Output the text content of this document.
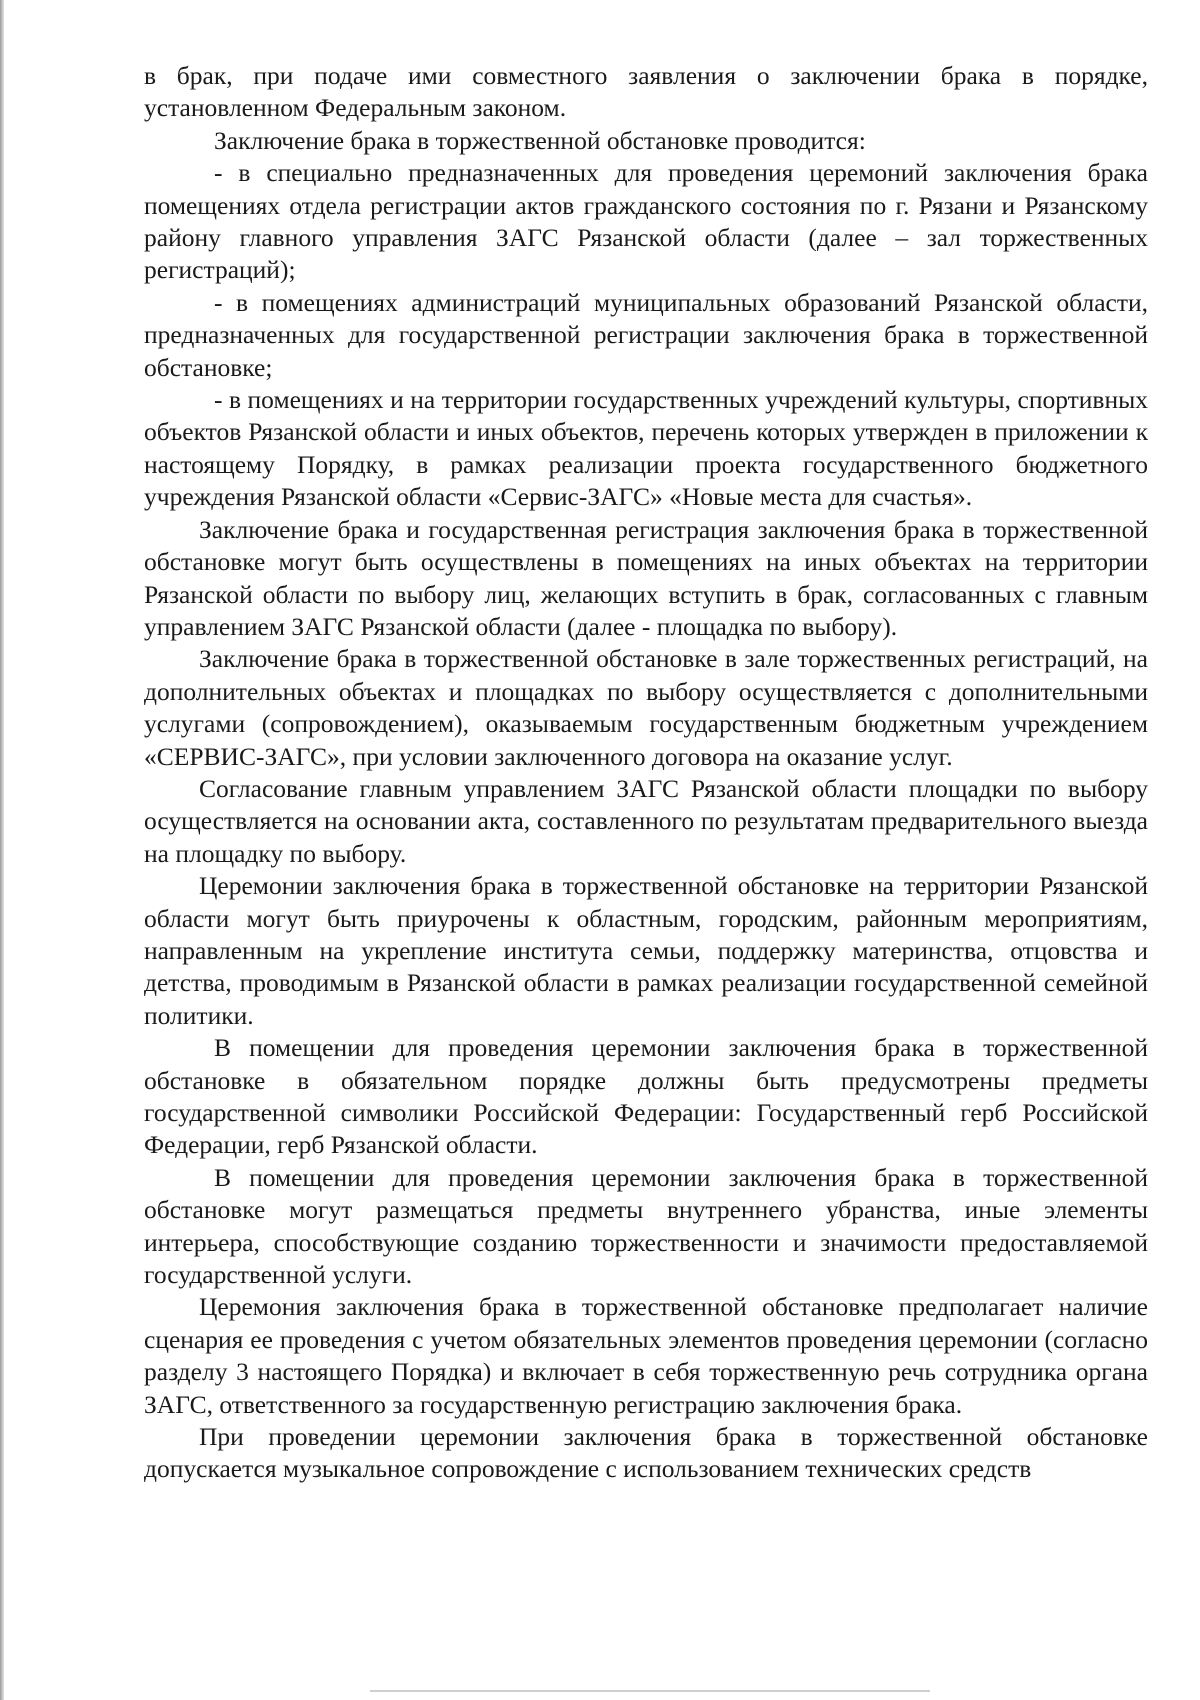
в брак, при подаче ими совместного заявления о заключении брака в порядке, установленном Федеральным законом.

Заключение брака в торжественной обстановке проводится:

- в специально предназначенных для проведения церемоний заключения брака помещениях отдела регистрации актов гражданского состояния по г. Рязани и Рязанскому району главного управления ЗАГС Рязанской области (далее – зал торжественных регистраций);

- в помещениях администраций муниципальных образований Рязанской области, предназначенных для государственной регистрации заключения брака в торжественной обстановке;

- в помещениях и на территории государственных учреждений культуры, спортивных объектов Рязанской области и иных объектов, перечень которых утвержден в приложении к настоящему Порядку, в рамках реализации проекта государственного бюджетного учреждения Рязанской области «Сервис-ЗАГС» «Новые места для счастья».

Заключение брака и государственная регистрация заключения брака в торжественной обстановке могут быть осуществлены в помещениях на иных объектах на территории Рязанской области по выбору лиц, желающих вступить в брак, согласованных с главным управлением ЗАГС Рязанской области (далее - площадка по выбору).

Заключение брака в торжественной обстановке в зале торжественных регистраций, на дополнительных объектах и площадках по выбору осуществляется с дополнительными услугами (сопровождением), оказываемым государственным бюджетным учреждением «СЕРВИС-ЗАГС», при условии заключенного договора на оказание услуг.

Согласование главным управлением ЗАГС Рязанской области площадки по выбору осуществляется на основании акта, составленного по результатам предварительного выезда на площадку по выбору.

Церемонии заключения брака в торжественной обстановке на территории Рязанской области могут быть приурочены к областным, городским, районным мероприятиям, направленным на укрепление института семьи, поддержку материнства, отцовства и детства, проводимым в Рязанской области в рамках реализации государственной семейной политики.

В помещении для проведения церемонии заключения брака в торжественной обстановке в обязательном порядке должны быть предусмотрены предметы государственной символики Российской Федерации: Государственный герб Российской Федерации, герб Рязанской области.

В помещении для проведения церемонии заключения брака в торжественной обстановке могут размещаться предметы внутреннего убранства, иные элементы интерьера, способствующие созданию торжественности и значимости предоставляемой государственной услуги.

Церемония заключения брака в торжественной обстановке предполагает наличие сценария ее проведения с учетом обязательных элементов проведения церемонии (согласно разделу 3 настоящего Порядка) и включает в себя торжественную речь сотрудника органа ЗАГС, ответственного за государственную регистрацию заключения брака.

При проведении церемонии заключения брака в торжественной обстановке допускается музыкальное сопровождение с использованием технических средств
